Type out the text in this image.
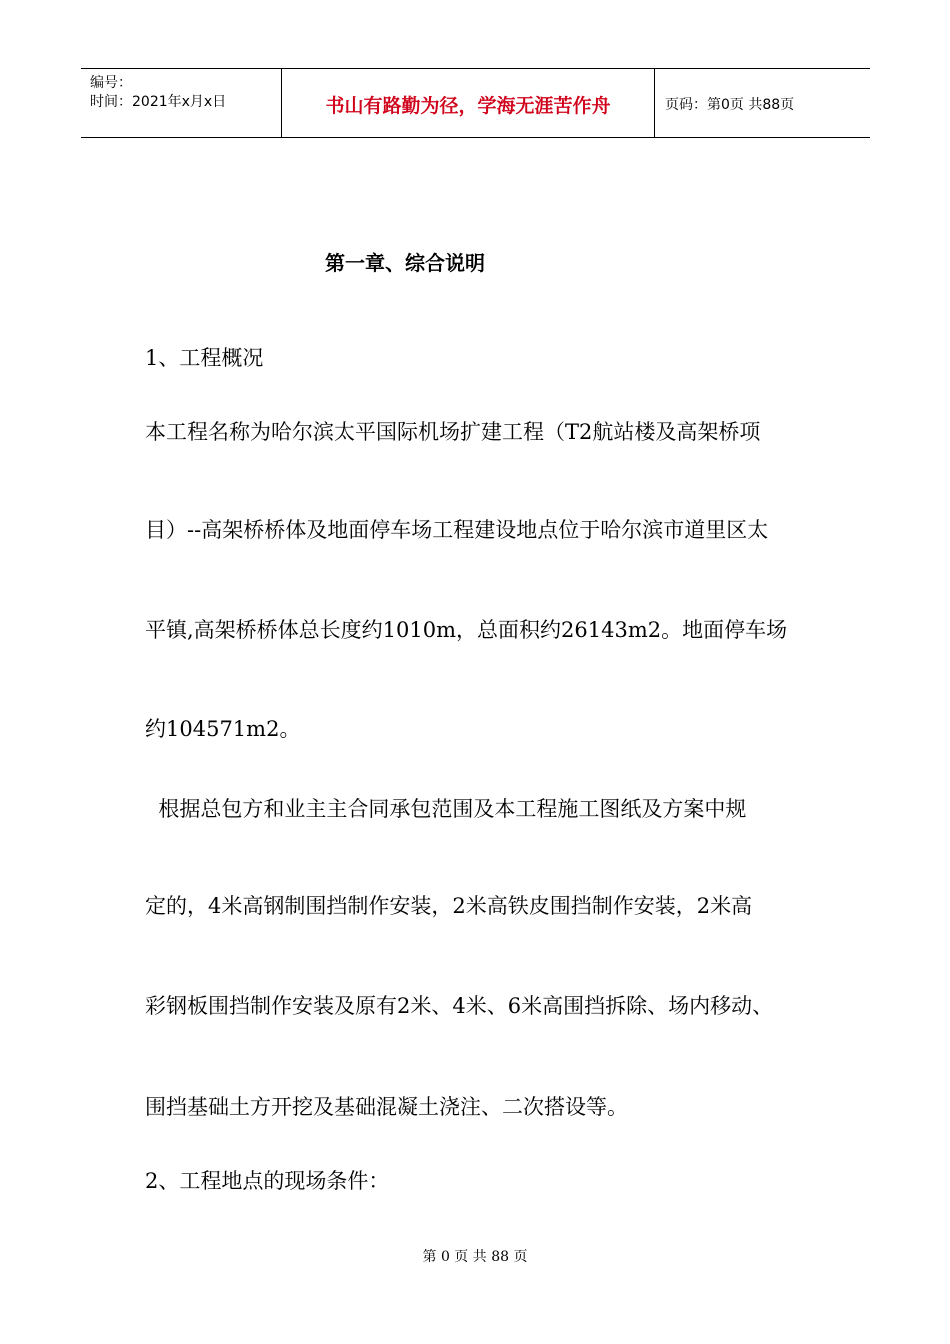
编号：
时间：2021年x月x日	书山有路勤为径，学海无涯苦作舟	页码：第0页 共88页
第一章、综合说明
1、工程概况
本工程名称为哈尔滨太平国际机场扩建工程（T2航站楼及高架桥项
目）--高架桥桥体及地面停车场工程建设地点位于哈尔滨市道里区太
平镇,高架桥桥体总长度约1010m，总面积约26143m2。地面停车场
约104571m2。
根据总包方和业主主合同承包范围及本工程施工图纸及方案中规
定的，4米高钢制围挡制作安装，2米高铁皮围挡制作安装，2米高
彩钢板围挡制作安装及原有2米、4米、6米高围挡拆除、场内移动、
围挡基础土方开挖及基础混凝土浇注、二次搭设等。
2、工程地点的现场条件：
第 0 页 共 88 页
